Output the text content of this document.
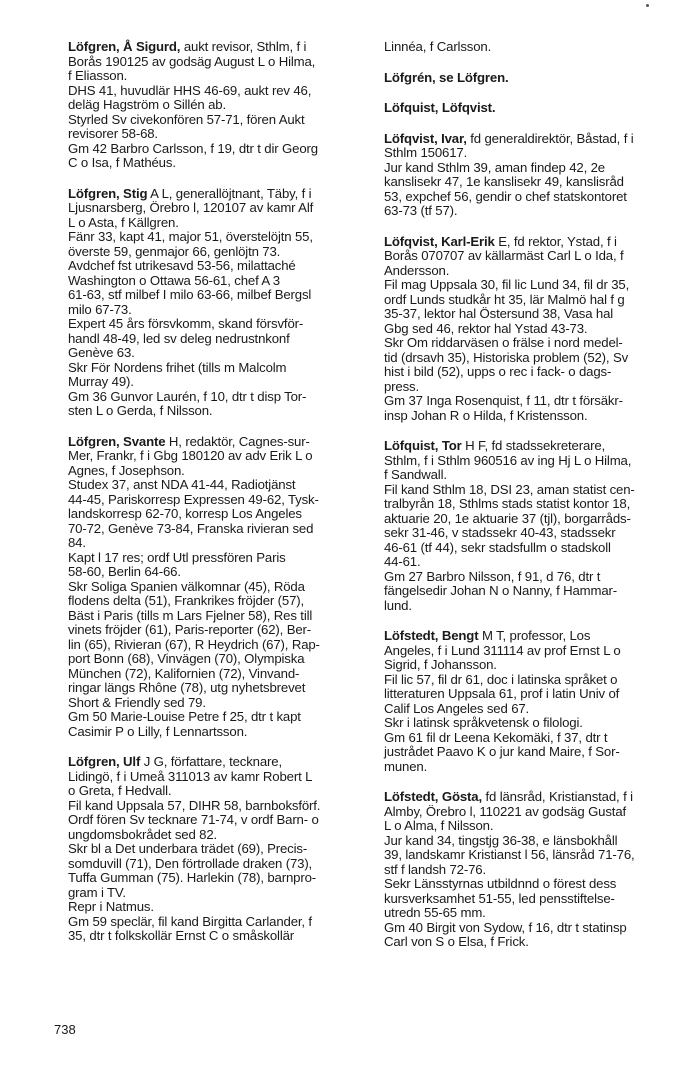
Löfgren, Å Sigurd, aukt revisor, Sthlm, f i
Borås 190125 av godsäg August L o Hilma,
f Eliasson.
DHS 41, huvudlär HHS 46-69, aukt rev 46,
deläg Hagström o Sillén ab.
Styrled Sv civekonfören 57-71, fören Aukt
revisorer 58-68.
Gm 42 Barbro Carlsson, f 19, dtr t dir Georg
C o Isa, f Mathéus.
Löfgren, Stig A L, generallöjtnant, Täby, f i
Ljusnarsberg, Örebro l, 120107 av kamr Alf
L o Asta, f Källgren.
Fänr 33, kapt 41, major 51, överstelöjtn 55,
överste 59, genmajor 66, genlöjtn 73.
Avdchef fst utrikesavd 53-56, milattaché
Washington o Ottawa 56-61, chef A 3
61-63, stf milbef I milo 63-66, milbef Bergsl
milo 67-73.
Expert 45 års försvkomm, skand försvför-
handl 48-49, led sv deleg nedrustnkonf
Genève 63.
Skr För Nordens frihet (tills m Malcolm
Murray 49).
Gm 36 Gunvor Laurén, f 10, dtr t disp Tor-
sten L o Gerda, f Nilsson.
Löfgren, Svante H, redaktör, Cagnes-sur-
Mer, Frankr, f i Gbg 180120 av adv Erik L o
Agnes, f Josephson.
Studex 37, anst NDA 41-44, Radiotjänst
44-45, Pariskorresp Expressen 49-62, Tysk-
landskorresp 62-70, korresp Los Angeles
70-72, Genève 73-84, Franska rivieran sed
84.
Kapt l 17 res; ordf Utl pressfören Paris
58-60, Berlin 64-66.
Skr Soliga Spanien välkomnar (45), Röda
flodens delta (51), Frankrikes fröjder (57),
Bäst i Paris (tills m Lars Fjelner 58), Res till
vinets fröjder (61), Paris-reporter (62), Ber-
lin (65), Rivieran (67), R Heydrich (67), Rap-
port Bonn (68), Vinvägen (70), Olympiska
München (72), Kalifornien (72), Vinvand-
ringar längs Rhône (78), utg nyhetsbrevet
Short & Friendly sed 79.
Gm 50 Marie-Louise Petre f 25, dtr t kapt
Casimir P o Lilly, f Lennartsson.
Löfgren, Ulf J G, författare, tecknare,
Lidingö, f i Umeå 311013 av kamr Robert L
o Greta, f Hedvall.
Fil kand Uppsala 57, DIHR 58, barnboksförf.
Ordf fören Sv tecknare 71-74, v ordf Barn- o
ungdomsbokrådet sed 82.
Skr bl a Det underbara trädet (69), Precis-
somduvill (71), Den förtrollade draken (73),
Tuffa Gumman (75). Harlekin (78), barnpro-
gram i TV.
Repr i Natmus.
Gm 59 speclär, fil kand Birgitta Carlander, f
35, dtr t folkskollär Ernst C o småskollär
Linnéa, f Carlsson.
Löfgrén, se Löfgren.
Löfquist, Löfqvist.
Löfqvist, Ivar, fd generaldirektör, Båstad, f i
Sthlm 150617.
Jur kand Sthlm 39, aman findep 42, 2e
kanslisekr 47, 1e kanslisekr 49, kanslisråd
53, expchef 56, gendir o chef statskontoret
63-73 (tf 57).
Löfqvist, Karl-Erik E, fd rektor, Ystad, f i
Borås 070707 av källarmäst Carl L o Ida, f
Andersson.
Fil mag Uppsala 30, fil lic Lund 34, fil dr 35,
ordf Lunds studkår ht 35, lär Malmö hal f g
35-37, lektor hal Östersund 38, Vasa hal
Gbg sed 46, rektor hal Ystad 43-73.
Skr Om riddarväsen o frälse i nord medel-
tid (drsavh 35), Historiska problem (52), Sv
hist i bild (52), upps o rec i fack- o dags-
press.
Gm 37 Inga Rosenquist, f 11, dtr t försäkr-
insp Johan R o Hilda, f Kristensson.
Löfquist, Tor H F, fd stadssekreterare,
Sthlm, f i Sthlm 960516 av ing Hj L o Hilma,
f Sandwall.
Fil kand Sthlm 18, DSI 23, aman statist cen-
tralbyrån 18, Sthlms stads statist kontor 18,
aktuarie 20, 1e aktuarie 37 (tjl), borgarråds-
sekr 31-46, v stadssekr 40-43, stadssekr
46-61 (tf 44), sekr stadsfullm o stadskoll
44-61.
Gm 27 Barbro Nilsson, f 91, d 76, dtr t
fängelsedir Johan N o Nanny, f Hammar-
lund.
Löfstedt, Bengt M T, professor, Los
Angeles, f i Lund 311114 av prof Ernst L o
Sigrid, f Johansson.
Fil lic 57, fil dr 61, doc i latinska språket o
litteraturen Uppsala 61, prof i latin Univ of
Calif Los Angeles sed 67.
Skr i latinsk språkvetensk o filologi.
Gm 61 fil dr Leena Kekomäki, f 37, dtr t
justrådet Paavo K o jur kand Maire, f Sor-
munen.
Löfstedt, Gösta, fd länsråd, Kristianstad, f i
Almby, Örebro l, 110221 av godsäg Gustaf
L o Alma, f Nilsson.
Jur kand 34, tingstjg 36-38, e länsbokhåll
39, landskamr Kristianst l 56, länsråd 71-76,
stf f landsh 72-76.
Sekr Länsstyrnas utbildnnd o förest dess
kursverksamhet 51-55, led pensstiftelse-
utredn 55-65 mm.
Gm 40 Birgit von Sydow, f 16, dtr t statinsp
Carl von S o Elsa, f Frick.
738
